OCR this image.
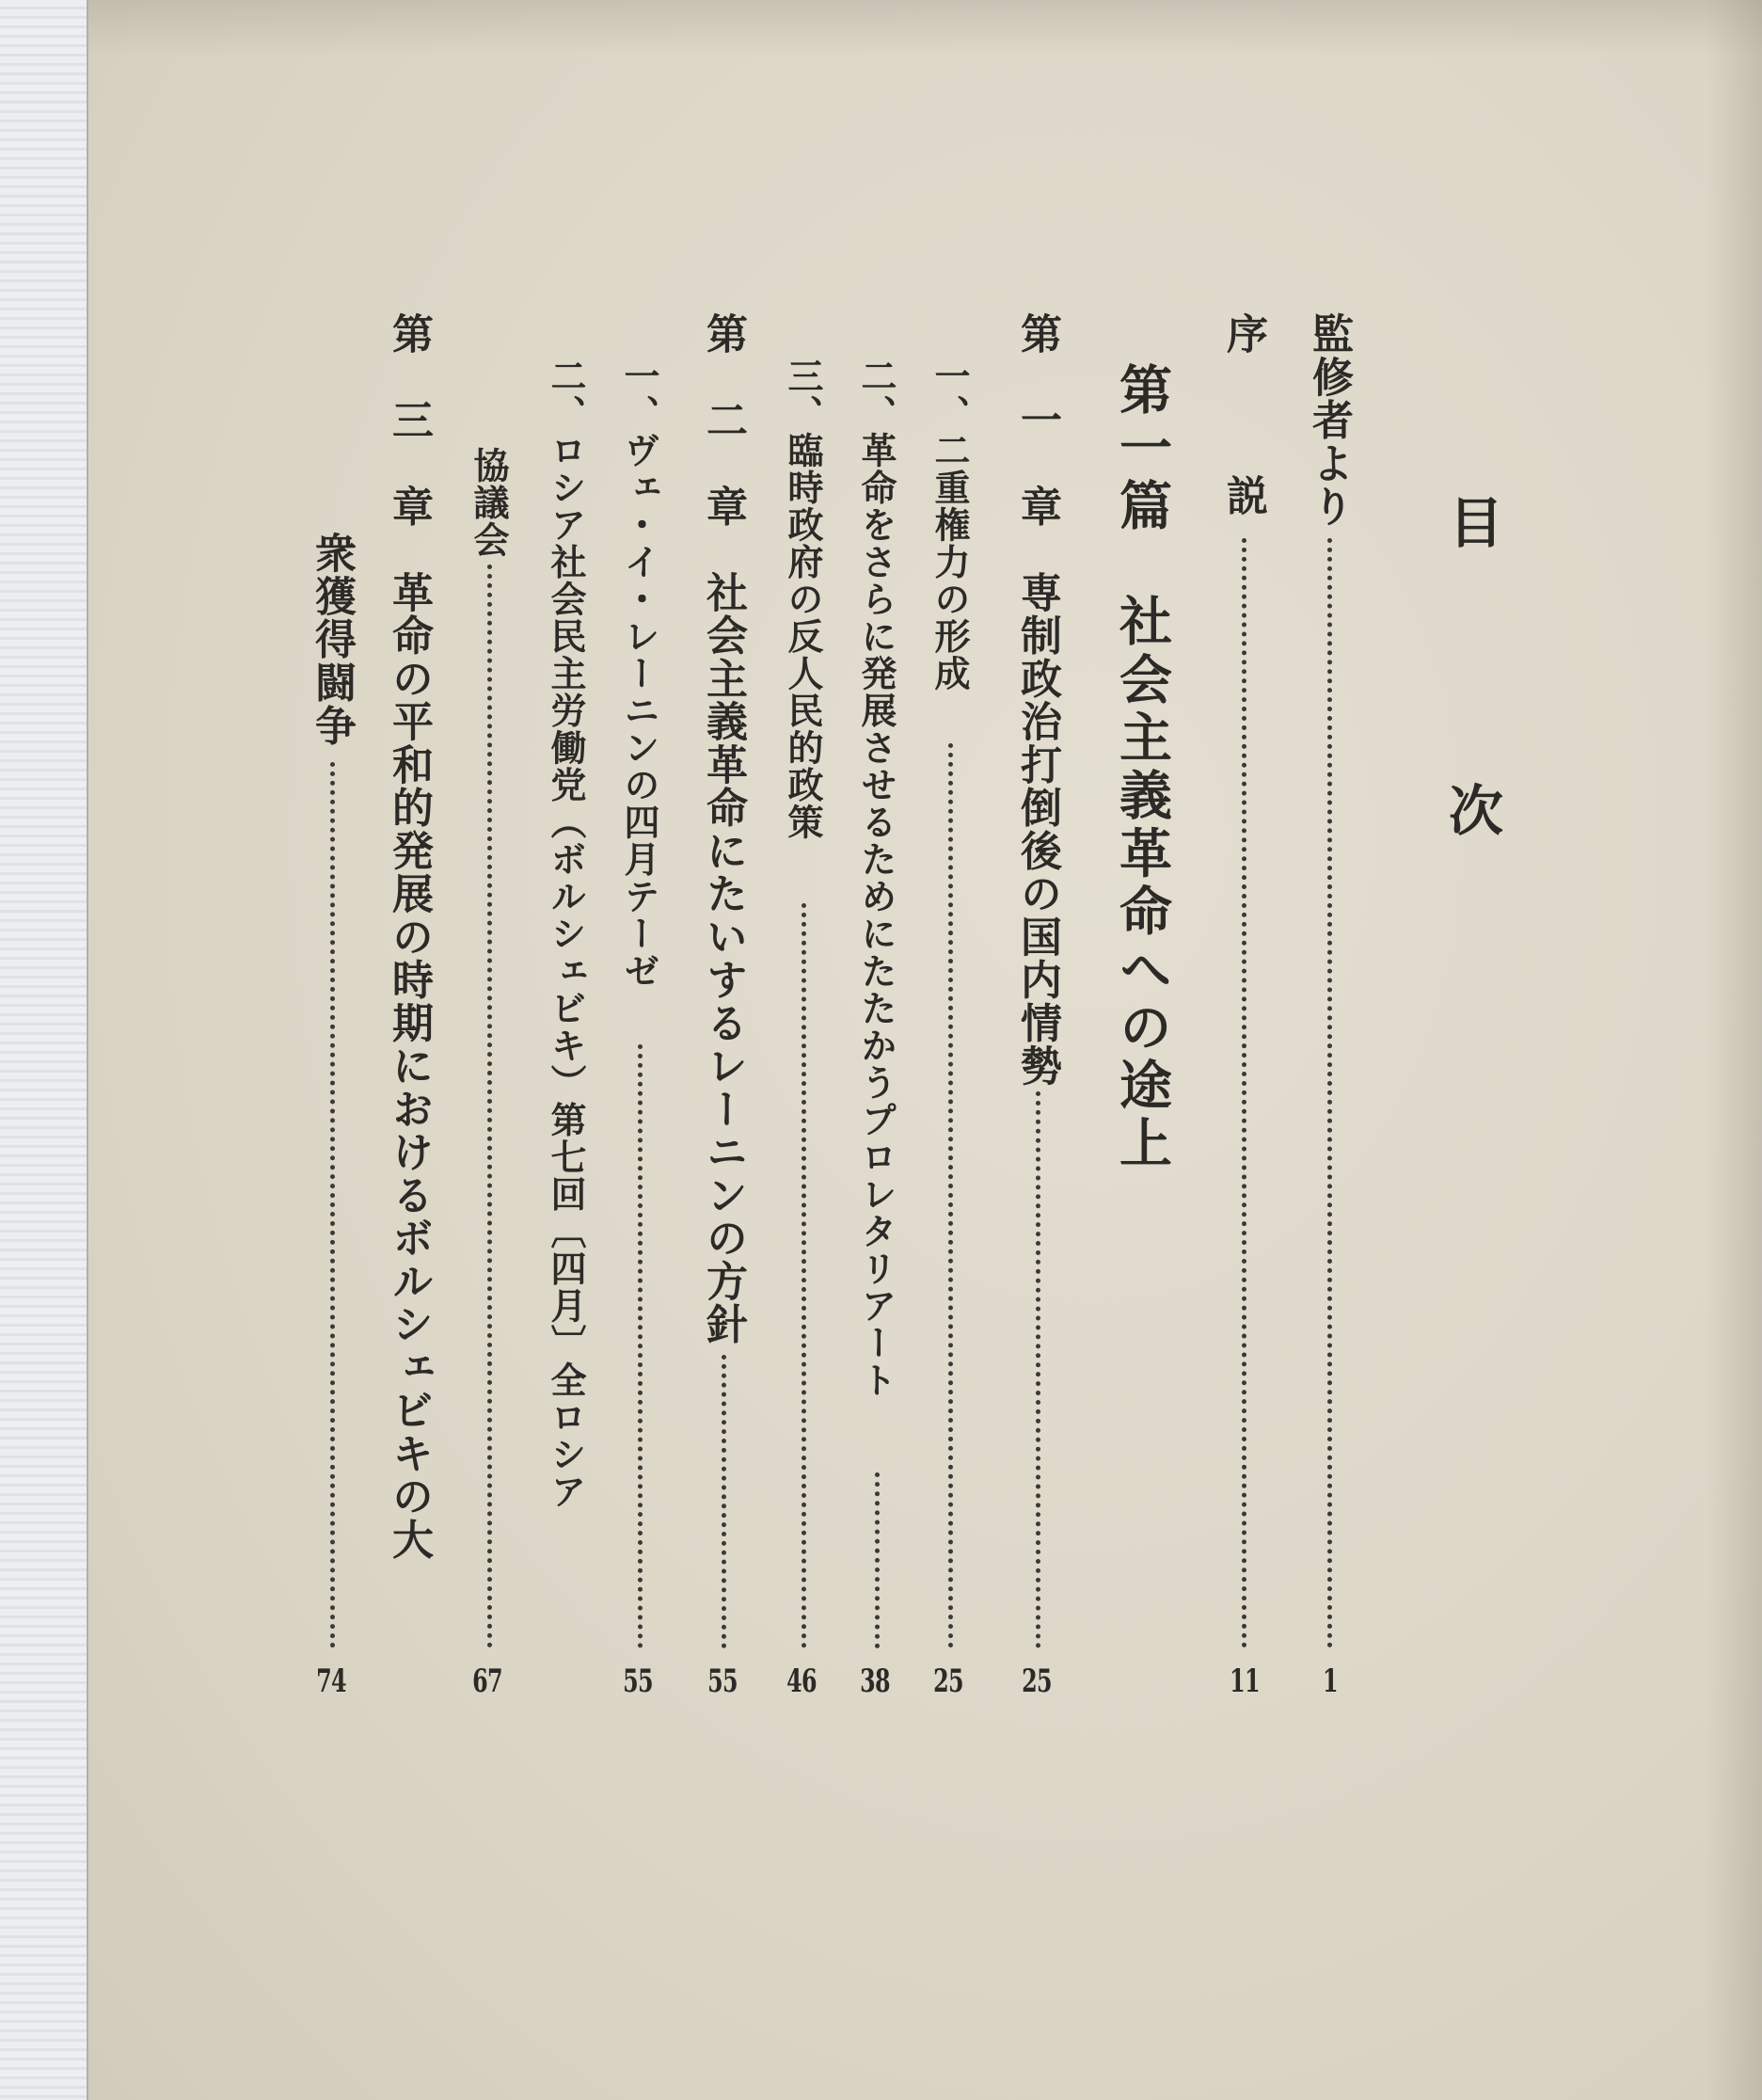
目 次
監修者より
1
序　説
11
第一篇　社会主義革命への途上
第　一　章　専制政治打倒後の国内情勢
25
一、二重権力の形成
25
二、革命をさらに発展させるためにたたかうプロレタリアート
38
三、臨時政府の反人民的政策
46
第　二　章　社会主義革命にたいするレーニンの方針
55
一、ヴェ・イ・レーニンの四月テーゼ
55
二、ロシア社会民主労働党（ボルシェビキ）第七回〔四月〕全ロシア
協議会
67
第　三　章　革命の平和的発展の時期におけるボルシェビキの大
衆獲得闘争
74
